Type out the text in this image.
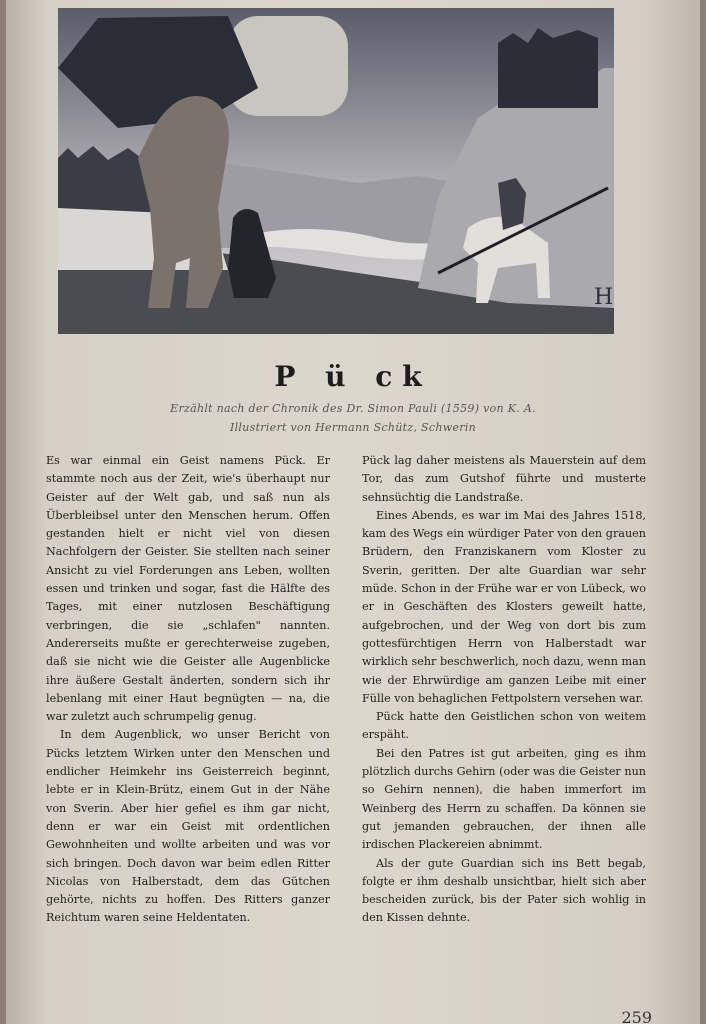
H
P ü ck
Erzählt nach der Chronik des Dr. Simon Pauli (1559) von K. A.
Illustriert von Hermann Schütz, Schwerin

Es war einmal ein Geist namens Pück. Er stammte noch aus der Zeit, wie's überhaupt nur Geister auf der Welt gab, und saß nun als Überbleibsel unter den Menschen herum. Offen gestanden hielt er nicht viel von diesen Nachfolgern der Geister. Sie stellten nach seiner Ansicht zu viel Forderungen ans Leben, wollten essen und trinken und sogar, fast die Hälfte des Tages, mit einer nutzlosen Beschäftigung verbringen, die sie „schlafen" nannten. Andererseits mußte er gerechterweise zugeben, daß sie nicht wie die Geister alle Augenblicke ihre äußere Gestalt änderten, sondern sich ihr lebenlang mit einer Haut begnügten — na, die war zuletzt auch schrumpelig genug.

In dem Augenblick, wo unser Bericht von Pücks letztem Wirken unter den Menschen und endlicher Heimkehr ins Geisterreich beginnt, lebte er in Klein-Brütz, einem Gut in der Nähe von Sverin. Aber hier gefiel es ihm gar nicht, denn er war ein Geist mit ordentlichen Gewohnheiten und wollte arbeiten und was vor sich bringen. Doch davon war beim edlen Ritter Nicolas von Halberstadt, dem das Gütchen gehörte, nichts zu hoffen. Des Ritters ganzer Reichtum waren seine Heldentaten.

Pück lag daher meistens als Mauerstein auf dem Tor, das zum Gutshof führte und musterte sehnsüchtig die Landstraße.

Eines Abends, es war im Mai des Jahres 1518, kam des Wegs ein würdiger Pater von den grauen Brüdern, den Franziskanern vom Kloster zu Sverin, geritten. Der alte Guardian war sehr müde. Schon in der Frühe war er von Lübeck, wo er in Geschäften des Klosters geweilt hatte, aufgebrochen, und der Weg von dort bis zum gottesfürchtigen Herrn von Halberstadt war wirklich sehr beschwerlich, noch dazu, wenn man wie der Ehrwürdige am ganzen Leibe mit einer Fülle von behaglichen Fettpolstern versehen war.

Pück hatte den Geistlichen schon von weitem erspäht.

Bei den Patres ist gut arbeiten, ging es ihm plötzlich durchs Gehirn (oder was die Geister nun so Gehirn nennen), die haben immerfort im Weinberg des Herrn zu schaffen. Da können sie gut jemanden gebrauchen, der ihnen alle irdischen Plackereien abnimmt.

Als der gute Guardian sich ins Bett begab, folgte er ihm deshalb unsichtbar, hielt sich aber bescheiden zurück, bis der Pater sich wohlig in den Kissen dehnte.

259
